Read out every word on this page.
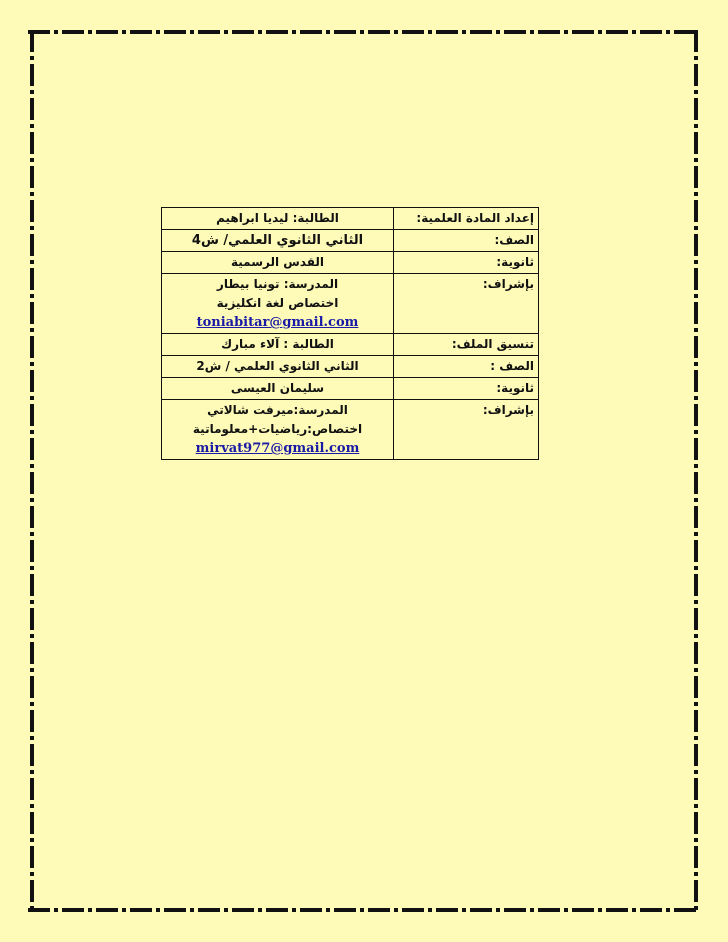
إعداد المادة العلمية:	الطالبة: ليديا ابراهيم

الصف:	الثاني الثانوي العلمي/ ش4

ثانوية:	القدس الرسمية

بإشراف:	المدرسة: تونيا بيطار
اختصاص لغة انكليزية
toniabitar@gmail.com

تنسيق الملف:	الطالبة : آلاء مبارك

الصف :	الثاني الثانوي العلمي / ش2

ثانوية:	سليمان العيسى

بإشراف:	المدرسة:ميرفت شالاتي
اختصاص:رياضيات+معلوماتية
mirvat977@gmail.com
